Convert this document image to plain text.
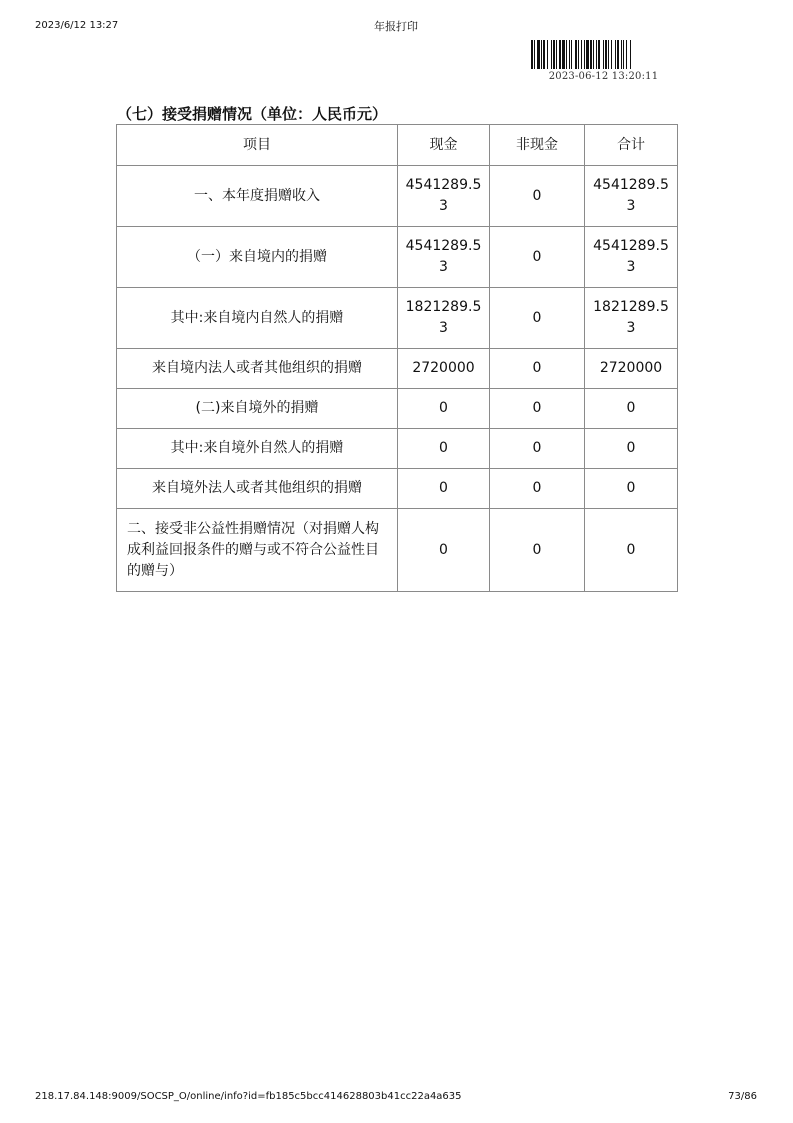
2023/6/12 13:27	年报打印
2023-06-12 13:20:11
（七）接受捐赠情况（单位：人民币元）
项目	现金	非现金	合计
一、本年度捐赠收入	4541289.53	0	4541289.53
（一）来自境内的捐赠	4541289.53	0	4541289.53
其中:来自境内自然人的捐赠	1821289.53	0	1821289.53
来自境内法人或者其他组织的捐赠	2720000	0	2720000
(二)来自境外的捐赠	0	0	0
其中:来自境外自然人的捐赠	0	0	0
来自境外法人或者其他组织的捐赠	0	0	0
二、接受非公益性捐赠情况（对捐赠人构成利益回报条件的赠与或不符合公益性目的赠与）	0	0	0
218.17.84.148:9009/SOCSP_O/online/info?id=fb185c5bcc414628803b41cc22a4a635	73/86
